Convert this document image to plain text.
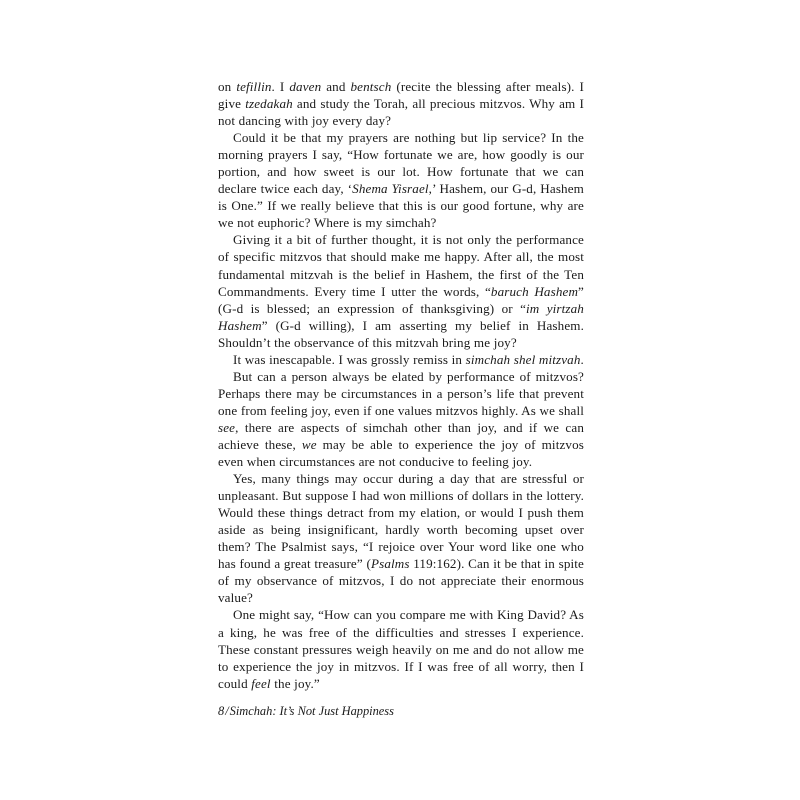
on tefillin. I daven and bentsch (recite the blessing after meals). I give tzedakah and study the Torah, all precious mitzvos. Why am I not dancing with joy every day?

Could it be that my prayers are nothing but lip service? In the morning prayers I say, “How fortunate we are, how goodly is our portion, and how sweet is our lot. How fortunate that we can declare twice each day, ‘Shema Yisrael,’ Hashem, our G-d, Hashem is One.” If we really believe that this is our good fortune, why are we not euphoric? Where is my simchah?

Giving it a bit of further thought, it is not only the performance of specific mitzvos that should make me happy. After all, the most fundamental mitzvah is the belief in Hashem, the first of the Ten Commandments. Every time I utter the words, “baruch Hashem” (G-d is blessed; an expression of thanksgiving) or “im yirtzah Hashem” (G-d willing), I am asserting my belief in Hashem. Shouldn’t the observance of this mitzvah bring me joy?

It was inescapable. I was grossly remiss in simchah shel mitzvah.

But can a person always be elated by performance of mitzvos? Perhaps there may be circumstances in a person’s life that prevent one from feeling joy, even if one values mitzvos highly. As we shall see, there are aspects of simchah other than joy, and if we can achieve these, we may be able to experience the joy of mitzvos even when circumstances are not conducive to feeling joy.

Yes, many things may occur during a day that are stressful or unpleasant. But suppose I had won millions of dollars in the lottery. Would these things detract from my elation, or would I push them aside as being insignificant, hardly worth becoming upset over them? The Psalmist says, “I rejoice over Your word like one who has found a great treasure” (Psalms 119:162). Can it be that in spite of my observance of mitzvos, I do not appreciate their enormous value?

One might say, “How can you compare me with King David? As a king, he was free of the difficulties and stresses I experience. These constant pressures weigh heavily on me and do not allow me to experience the joy in mitzvos. If I was free of all worry, then I could feel the joy.”

8/Simchah: It’s Not Just Happiness
